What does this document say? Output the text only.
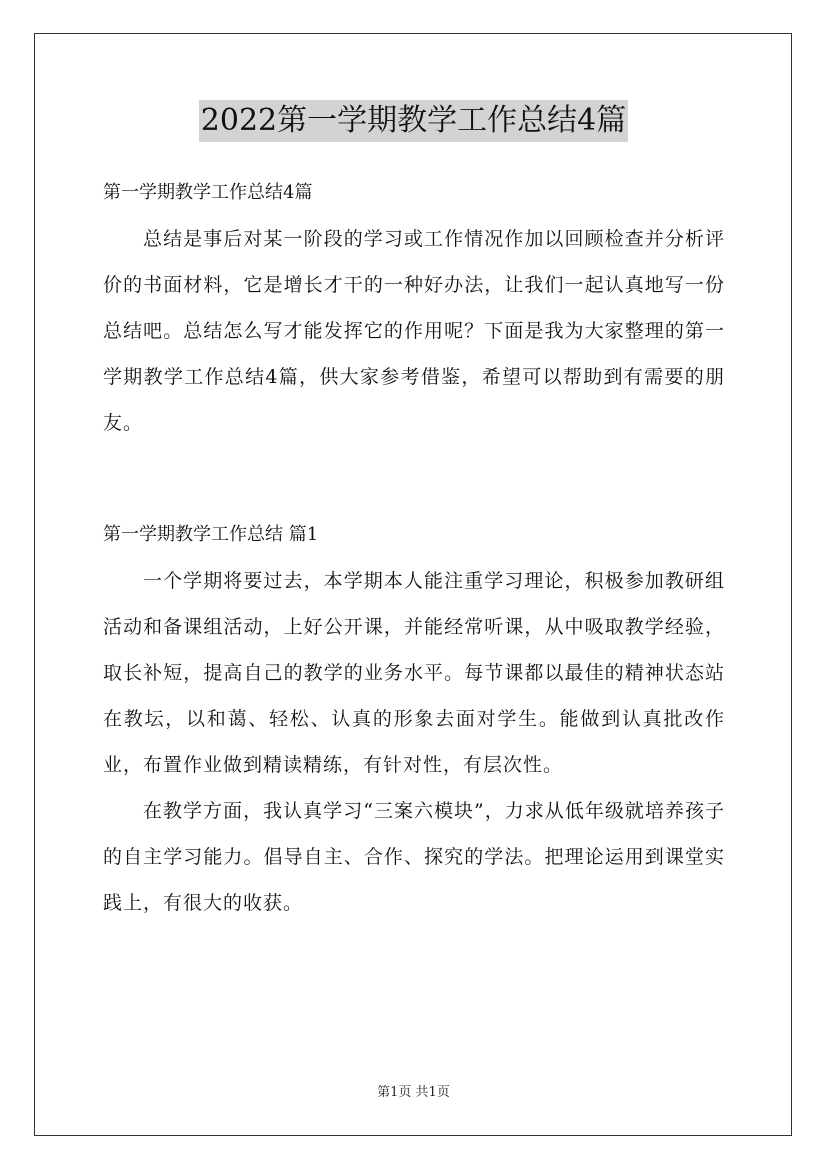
2022第一学期教学工作总结4篇

第一学期教学工作总结4篇

总结是事后对某一阶段的学习或工作情况作加以回顾检查并分析评价的书面材料，它是增长才干的一种好办法，让我们一起认真地写一份总结吧。总结怎么写才能发挥它的作用呢？下面是我为大家整理的第一学期教学工作总结4篇，供大家参考借鉴，希望可以帮助到有需要的朋友。

第一学期教学工作总结 篇1

一个学期将要过去，本学期本人能注重学习理论，积极参加教研组活动和备课组活动，上好公开课，并能经常听课，从中吸取教学经验，取长补短，提高自己的教学的业务水平。每节课都以最佳的精神状态站在教坛，以和蔼、轻松、认真的形象去面对学生。能做到认真批改作业，布置作业做到精读精练，有针对性，有层次性。

在教学方面，我认真学习“三案六模块”，力求从低年级就培养孩子的自主学习能力。倡导自主、合作、探究的学法。把理论运用到课堂实践上，有很大的收获。

第1页 共1页
